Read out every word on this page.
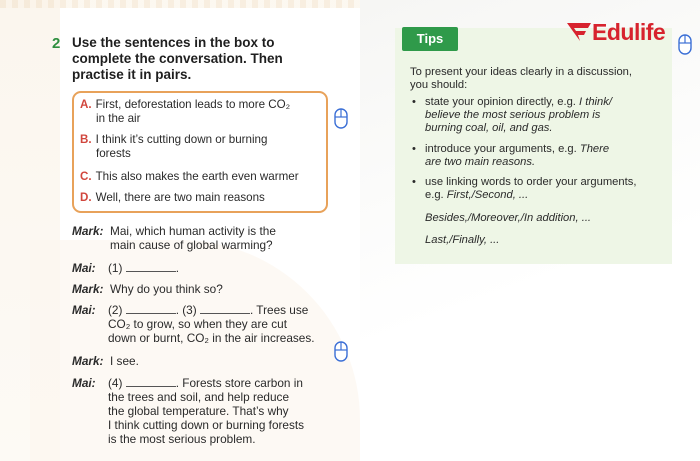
2 Use the sentences in the box to
complete the conversation. Then
practise it in pairs.
A. First, deforestation leads to more CO₂
in the air
B. I think it’s cutting down or burning
forests
C. This also makes the earth even warmer
D. Well, there are two main reasons
Mark: Mai, which human activity is the
main cause of global warming?
Mai: (1)	.
Mark: Why do you think so?
Mai: (2)	. (3)	. Trees use
CO₂ to grow, so when they are cut
down or burnt, CO₂ in the air increases.
Mark: I see.
Mai: (4)	. Forests store carbon in
the trees and soil, and help reduce
the global temperature. That’s why
I think cutting down or burning forests
is the most serious problem.
Tips
To present your ideas clearly in a discussion,
you should:
• state your opinion directly, e.g. I think/
believe the most serious problem is
burning coal, oil, and gas.
• introduce your arguments, e.g. There
are two main reasons.
• use linking words to order your arguments,
e.g. First,/Second, ...
Besides,/Moreover,/In addition, ...
Last,/Finally, ...
Edulife
